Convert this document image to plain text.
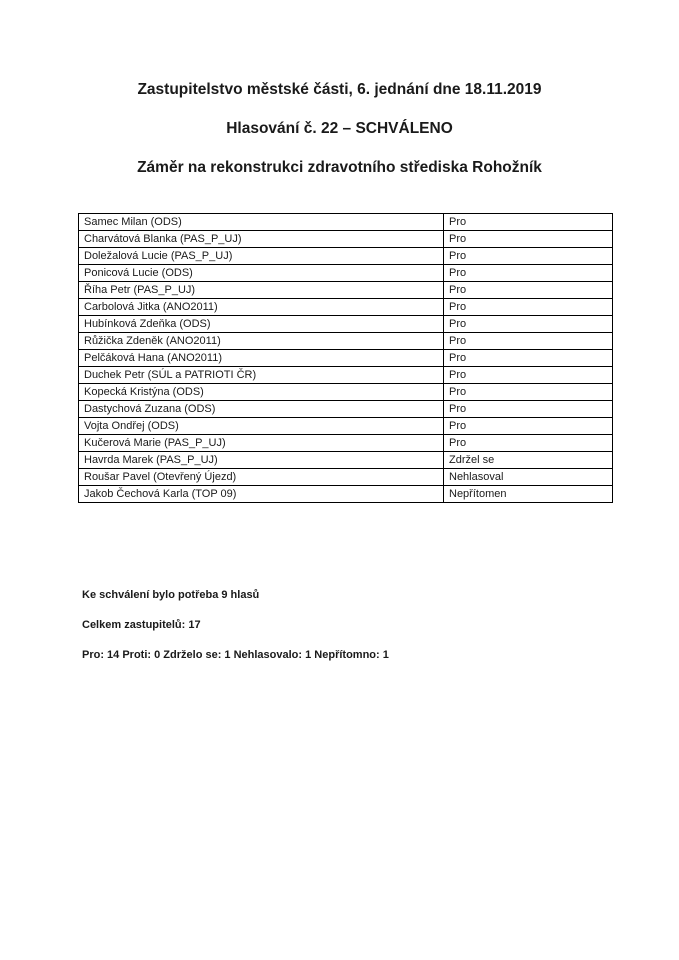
Zastupitelstvo městské části, 6. jednání dne 18.11.2019
Hlasování č. 22 – SCHVÁLENO
Záměr na rekonstrukci zdravotního střediska Rohožník
Samec Milan (ODS)	Pro
Charvátová Blanka (PAS_P_UJ)	Pro
Doležalová Lucie (PAS_P_UJ)	Pro
Ponicová Lucie (ODS)	Pro
Říha Petr (PAS_P_UJ)	Pro
Carbolová Jitka (ANO2011)	Pro
Hubínková Zdeňka (ODS)	Pro
Růžička Zdeněk (ANO2011)	Pro
Pelčáková Hana (ANO2011)	Pro
Duchek Petr (SÚL a PATRIOTI ČR)	Pro
Kopecká Kristýna (ODS)	Pro
Dastychová Zuzana (ODS)	Pro
Vojta Ondřej (ODS)	Pro
Kučerová Marie (PAS_P_UJ)	Pro
Havrda Marek (PAS_P_UJ)	Zdržel se
Roušar Pavel (Otevřený Újezd)	Nehlasoval
Jakob Čechová Karla (TOP 09)	Nepřítomen
Ke schválení bylo potřeba 9 hlasů
Celkem zastupitelů: 17
Pro: 14 Proti: 0 Zdrželo se: 1 Nehlasovalo: 1 Nepřítomno: 1
